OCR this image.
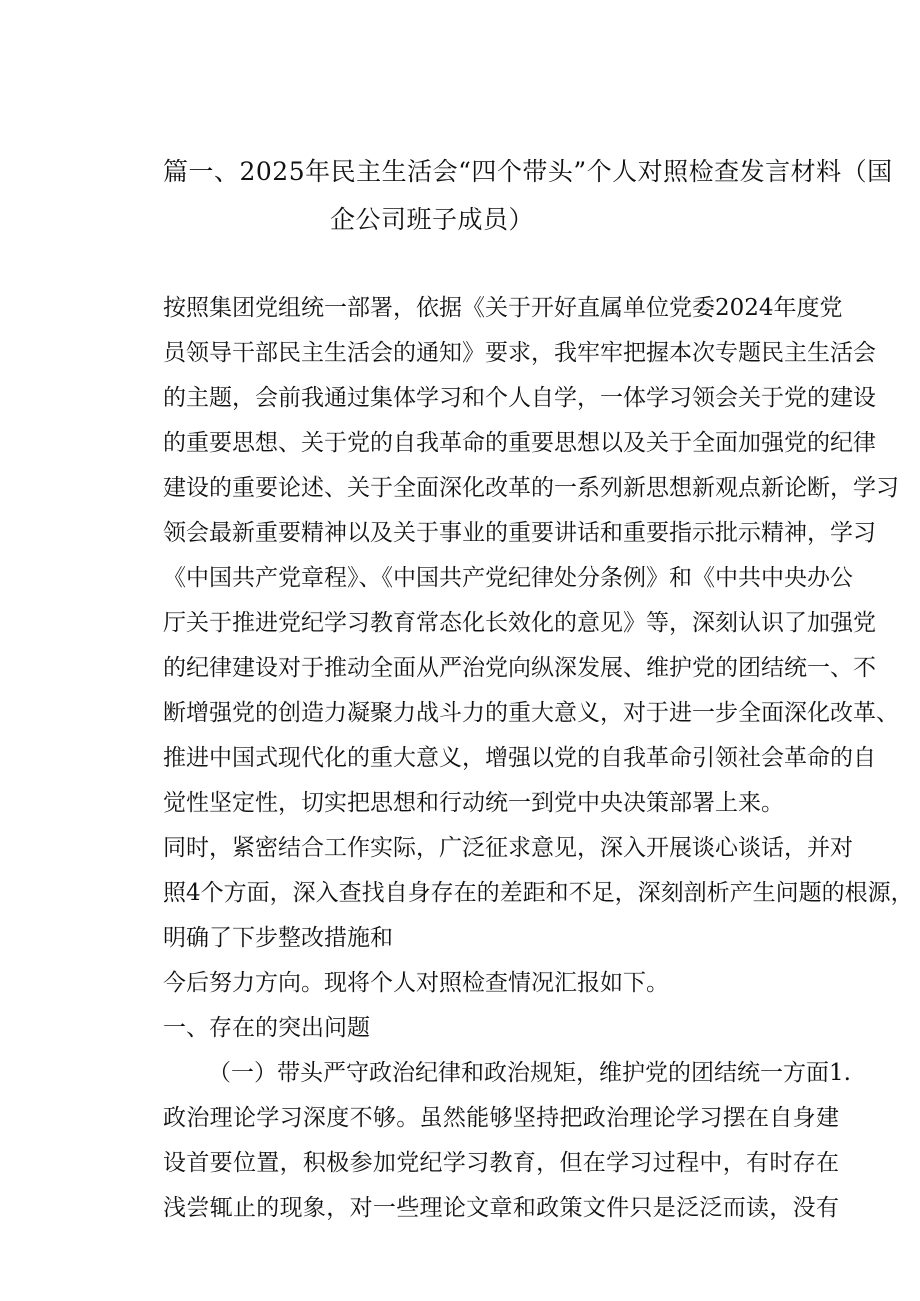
篇一、2025年民主生活会“四个带头”个人对照检查发言材料（国
企公司班子成员）
按照集团党组统一部署，依据《关于开好直属单位党委2024年度党
员领导干部民主生活会的通知》要求，我牢牢把握本次专题民主生活会
的主题，会前我通过集体学习和个人自学，一体学习领会关于党的建设
的重要思想、关于党的自我革命的重要思想以及关于全面加强党的纪律
建设的重要论述、关于全面深化改革的一系列新思想新观点新论断，学习
领会最新重要精神以及关于事业的重要讲话和重要指示批示精神，学习
《中国共产党章程》、《中国共产党纪律处分条例》和《中共中央办公
厅关于推进党纪学习教育常态化长效化的意见》等，深刻认识了加强党
的纪律建设对于推动全面从严治党向纵深发展、维护党的团结统一、不
断增强党的创造力凝聚力战斗力的重大意义，对于进一步全面深化改革、
推进中国式现代化的重大意义，增强以党的自我革命引领社会革命的自
觉性坚定性，切实把思想和行动统一到党中央决策部署上来。
同时，紧密结合工作实际，广泛征求意见，深入开展谈心谈话，并对
照4个方面，深入查找自身存在的差距和不足，深刻剖析产生问题的根源，
明确了下步整改措施和
今后努力方向。现将个人对照检查情况汇报如下。
一、存在的突出问题
（一）带头严守政治纪律和政治规矩，维护党的团结统一方面1.
政治理论学习深度不够。虽然能够坚持把政治理论学习摆在自身建
设首要位置，积极参加党纪学习教育，但在学习过程中，有时存在
浅尝辄止的现象，对一些理论文章和政策文件只是泛泛而读，没有
